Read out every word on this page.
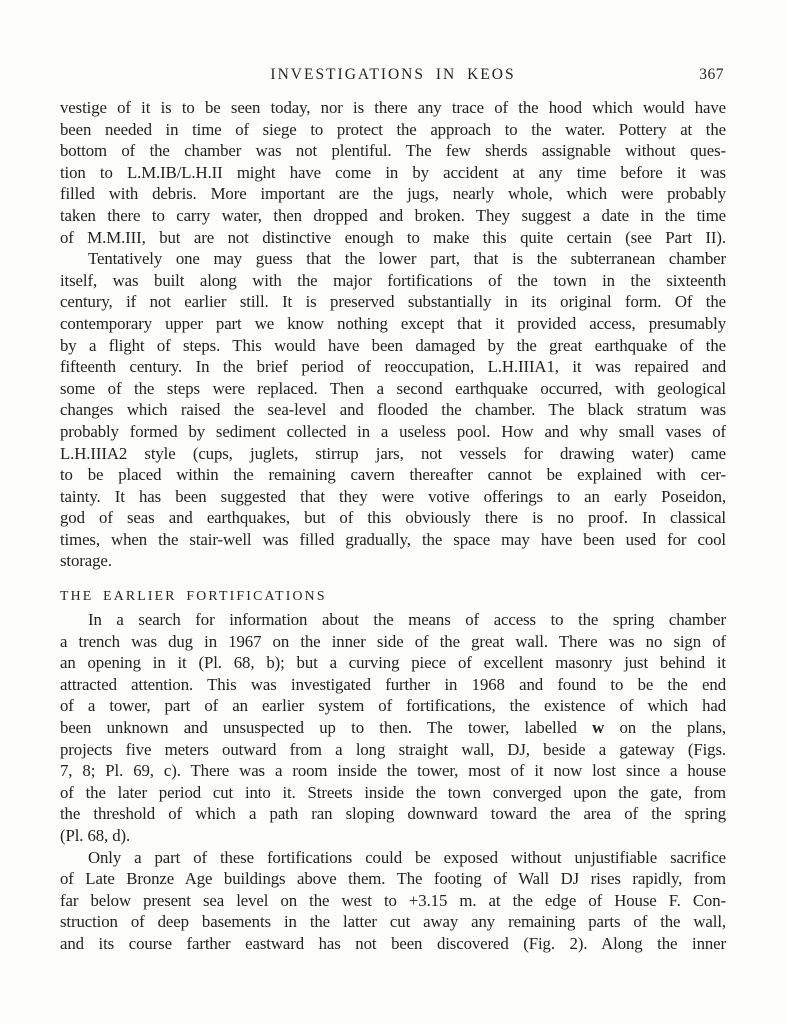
INVESTIGATIONS IN KEOS	367
vestige of it is to be seen today, nor is there any trace of the hood which would have
been needed in time of siege to protect the approach to the water. Pottery at the
bottom of the chamber was not plentiful. The few sherds assignable without ques-
tion to L.M.IB/L.H.II might have come in by accident at any time before it was
filled with debris. More important are the jugs, nearly whole, which were probably
taken there to carry water, then dropped and broken. They suggest a date in the time
of M.M.III, but are not distinctive enough to make this quite certain (see Part II).
Tentatively one may guess that the lower part, that is the subterranean chamber
itself, was built along with the major fortifications of the town in the sixteenth
century, if not earlier still. It is preserved substantially in its original form. Of the
contemporary upper part we know nothing except that it provided access, presumably
by a flight of steps. This would have been damaged by the great earthquake of the
fifteenth century. In the brief period of reoccupation, L.H.IIIA1, it was repaired and
some of the steps were replaced. Then a second earthquake occurred, with geological
changes which raised the sea-level and flooded the chamber. The black stratum was
probably formed by sediment collected in a useless pool. How and why small vases of
L.H.IIIA2 style (cups, juglets, stirrup jars, not vessels for drawing water) came
to be placed within the remaining cavern thereafter cannot be explained with cer-
tainty. It has been suggested that they were votive offerings to an early Poseidon,
god of seas and earthquakes, but of this obviously there is no proof. In classical
times, when the stair-well was filled gradually, the space may have been used for cool
storage.
THE EARLIER FORTIFICATIONS
In a search for information about the means of access to the spring chamber
a trench was dug in 1967 on the inner side of the great wall. There was no sign of
an opening in it (Pl. 68, b); but a curving piece of excellent masonry just behind it
attracted attention. This was investigated further in 1968 and found to be the end
of a tower, part of an earlier system of fortifications, the existence of which had
been unknown and unsuspected up to then. The tower, labelled w on the plans,
projects five meters outward from a long straight wall, DJ, beside a gateway (Figs.
7, 8; Pl. 69, c). There was a room inside the tower, most of it now lost since a house
of the later period cut into it. Streets inside the town converged upon the gate, from
the threshold of which a path ran sloping downward toward the area of the spring
(Pl. 68, d).
Only a part of these fortifications could be exposed without unjustifiable sacrifice
of Late Bronze Age buildings above them. The footing of Wall DJ rises rapidly, from
far below present sea level on the west to +3.15 m. at the edge of House F. Con-
struction of deep basements in the latter cut away any remaining parts of the wall,
and its course farther eastward has not been discovered (Fig. 2). Along the inner
